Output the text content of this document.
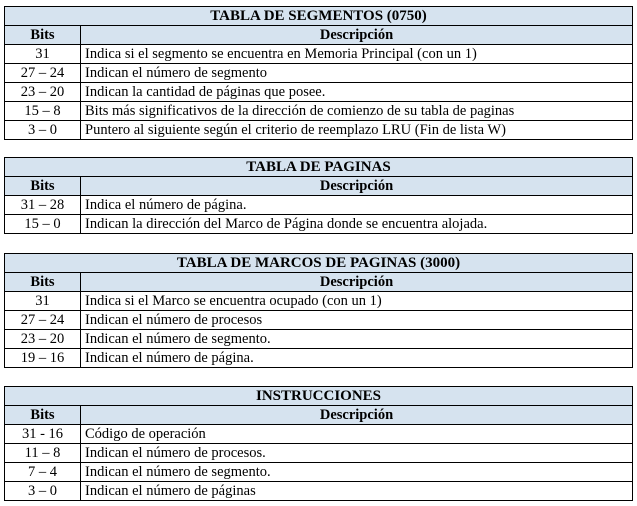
TABLA DE SEGMENTOS (0750)	
Bits	Descripción
31	Indica si el segmento se encuentra en Memoria Principal (con un 1)
27 – 24	Indican el número de segmento
23 – 20	Indican la cantidad de páginas que posee.
15 – 8	Bits más significativos de la dirección de comienzo de su tabla de paginas
3 – 0	Puntero al siguiente según el criterio de reemplazo LRU (Fin de lista W)
TABLA DE PAGINAS	
Bits	Descripción
31 – 28	Indica el número de página.
15 – 0	Indican la dirección del Marco de Página donde se encuentra alojada.
TABLA DE MARCOS DE PAGINAS (3000)	
Bits	Descripción
31	Indica si el Marco se encuentra ocupado (con un 1)
27 – 24	Indican el número de procesos
23 – 20	Indican el número de segmento.
19 – 16	Indican el número de página.
INSTRUCCIONES	
Bits	Descripción
31 - 16	Código de operación
11 – 8	Indican el número de procesos.
7 – 4	Indican el número de segmento.
3 – 0	Indican el número de páginas
